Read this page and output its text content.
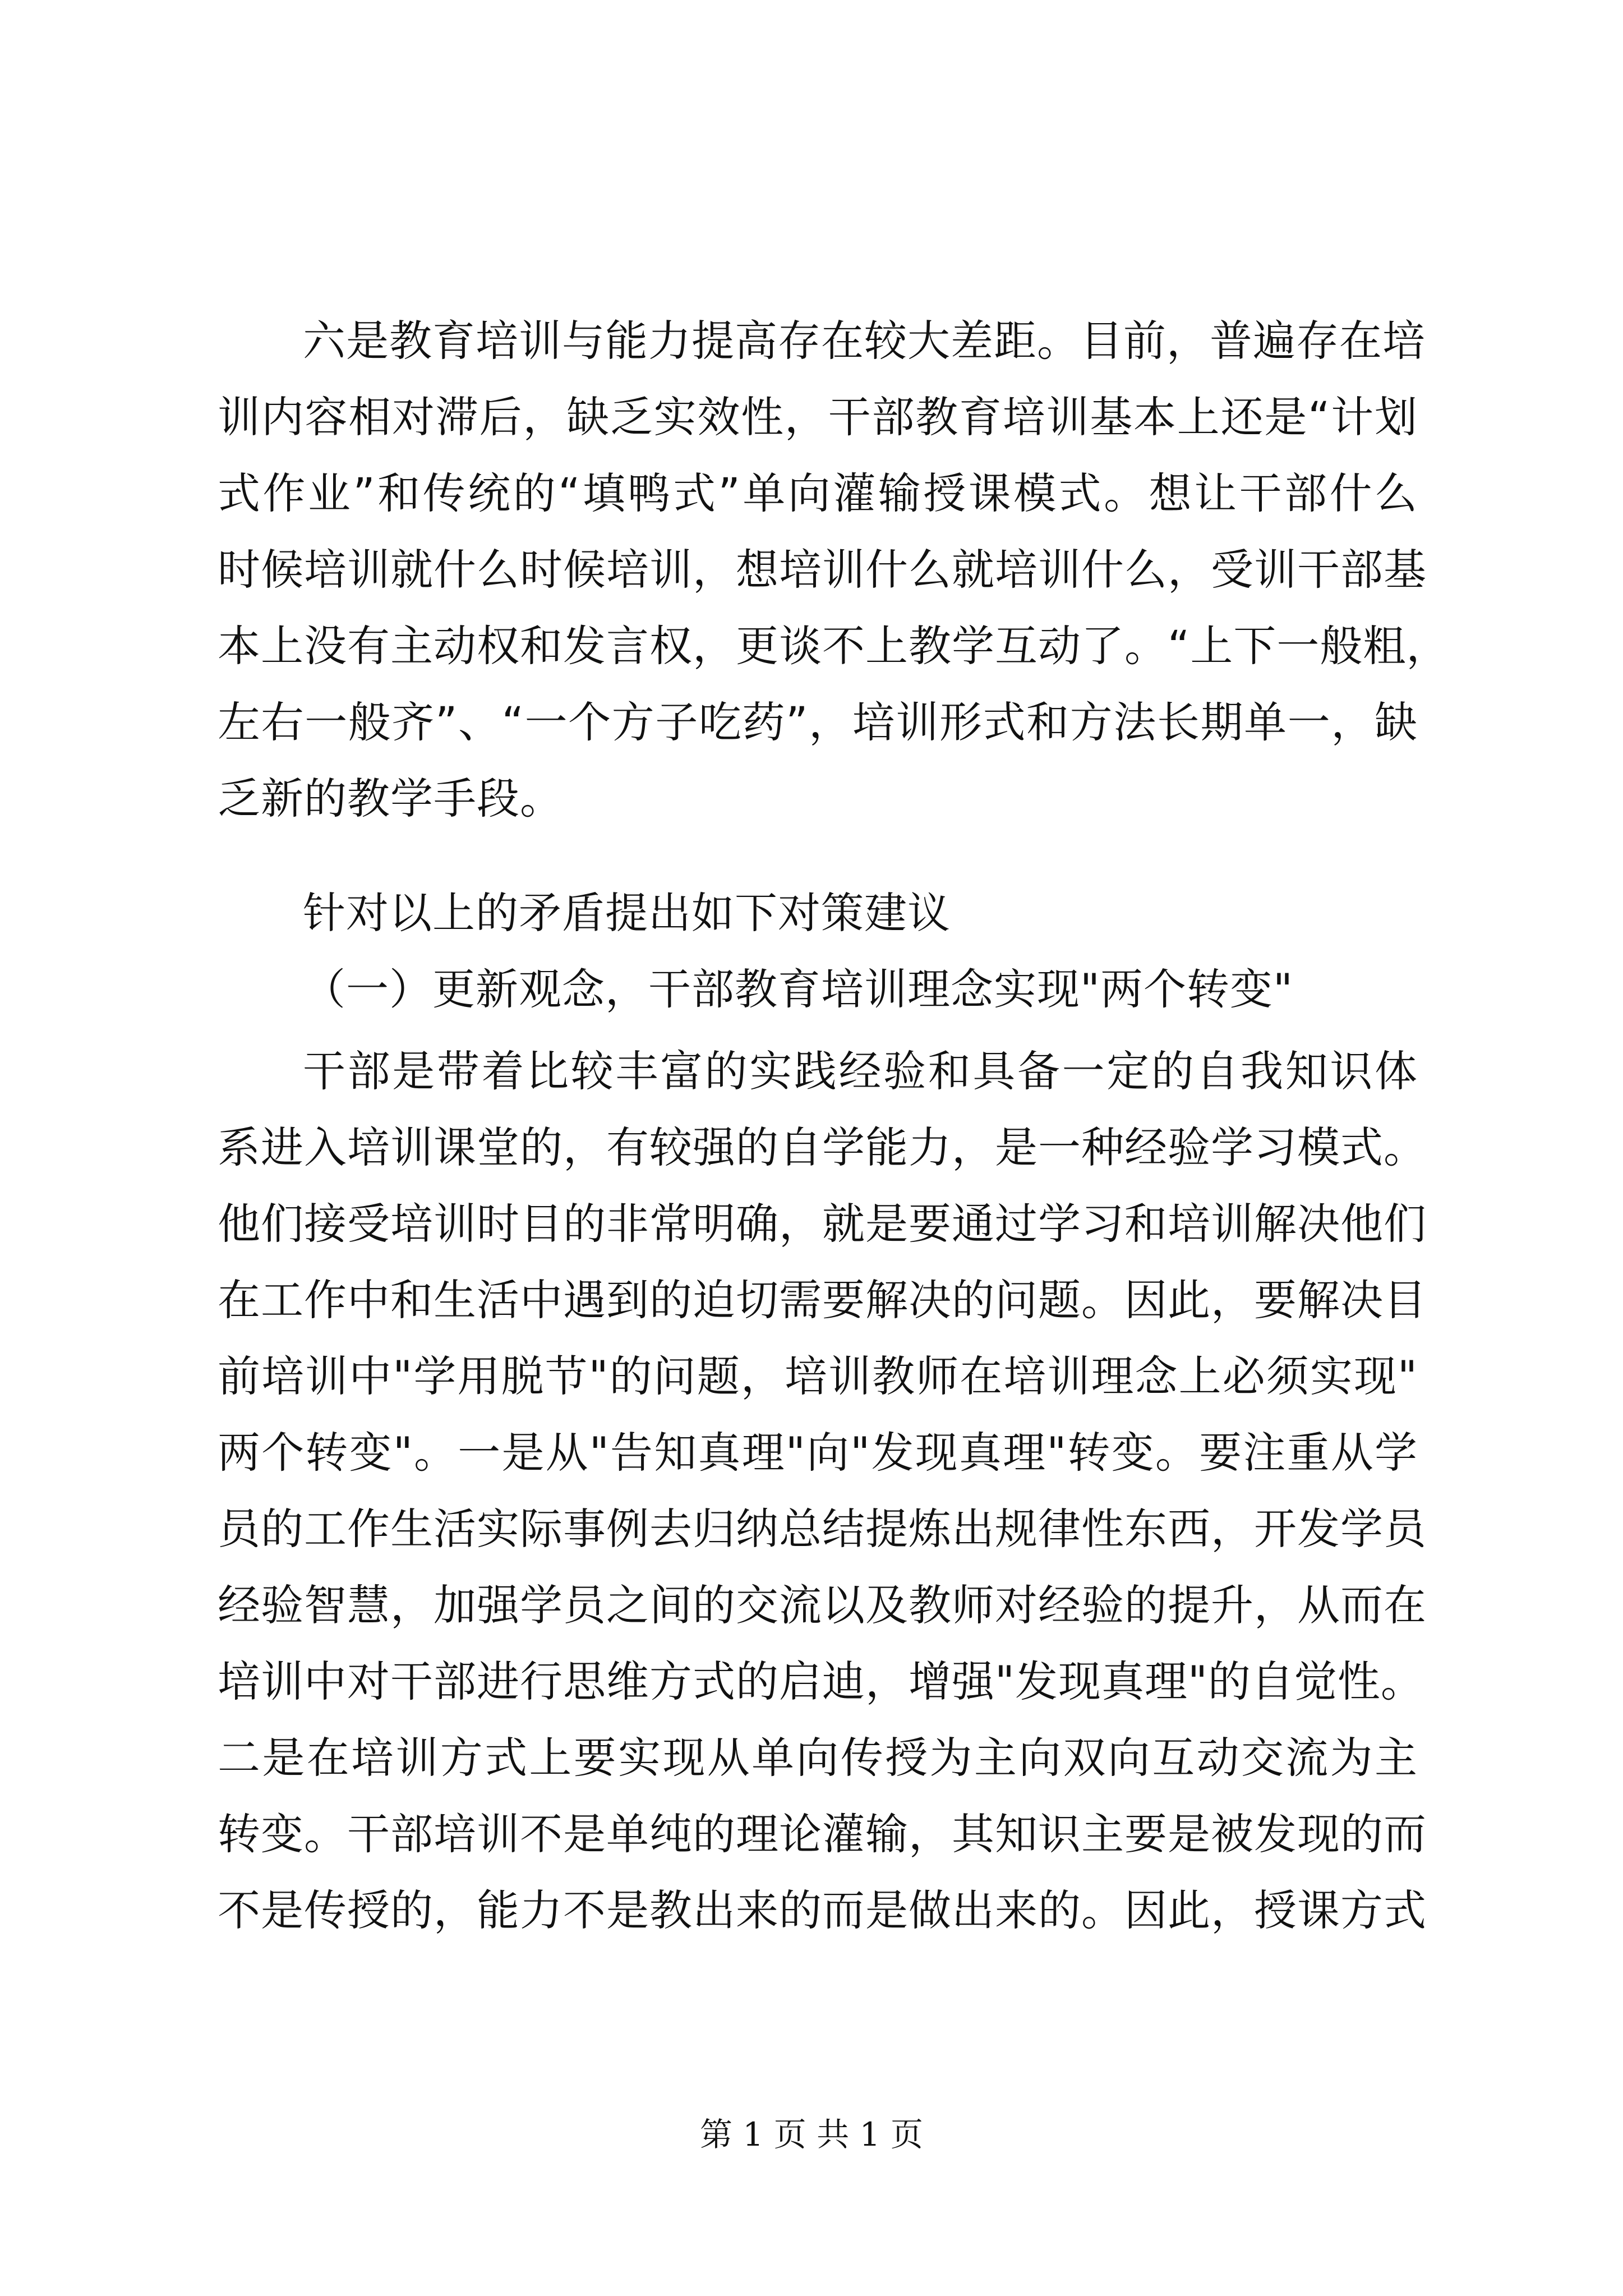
六是教育培训与能力提高存在较大差距。目前，普遍存在培
训内容相对滞后，缺乏实效性，干部教育培训基本上还是“计划
式作业”和传统的“填鸭式”单向灌输授课模式。想让干部什么
时候培训就什么时候培训，想培训什么就培训什么，受训干部基
本上没有主动权和发言权，更谈不上教学互动了。“上下一般粗，
左右一般齐”、“一个方子吃药”，培训形式和方法长期单一，缺
乏新的教学手段。
针对以上的矛盾提出如下对策建议
（一）更新观念，干部教育培训理念实现"两个转变"
干部是带着比较丰富的实践经验和具备一定的自我知识体
系进入培训课堂的，有较强的自学能力，是一种经验学习模式。
他们接受培训时目的非常明确，就是要通过学习和培训解决他们
在工作中和生活中遇到的迫切需要解决的问题。因此，要解决目
前培训中"学用脱节"的问题，培训教师在培训理念上必须实现"
两个转变"。一是从"告知真理"向"发现真理"转变。要注重从学
员的工作生活实际事例去归纳总结提炼出规律性东西，开发学员
经验智慧，加强学员之间的交流以及教师对经验的提升，从而在
培训中对干部进行思维方式的启迪，增强"发现真理"的自觉性。
二是在培训方式上要实现从单向传授为主向双向互动交流为主
转变。干部培训不是单纯的理论灌输，其知识主要是被发现的而
不是传授的，能力不是教出来的而是做出来的。因此，授课方式
第 1 页 共 1 页
